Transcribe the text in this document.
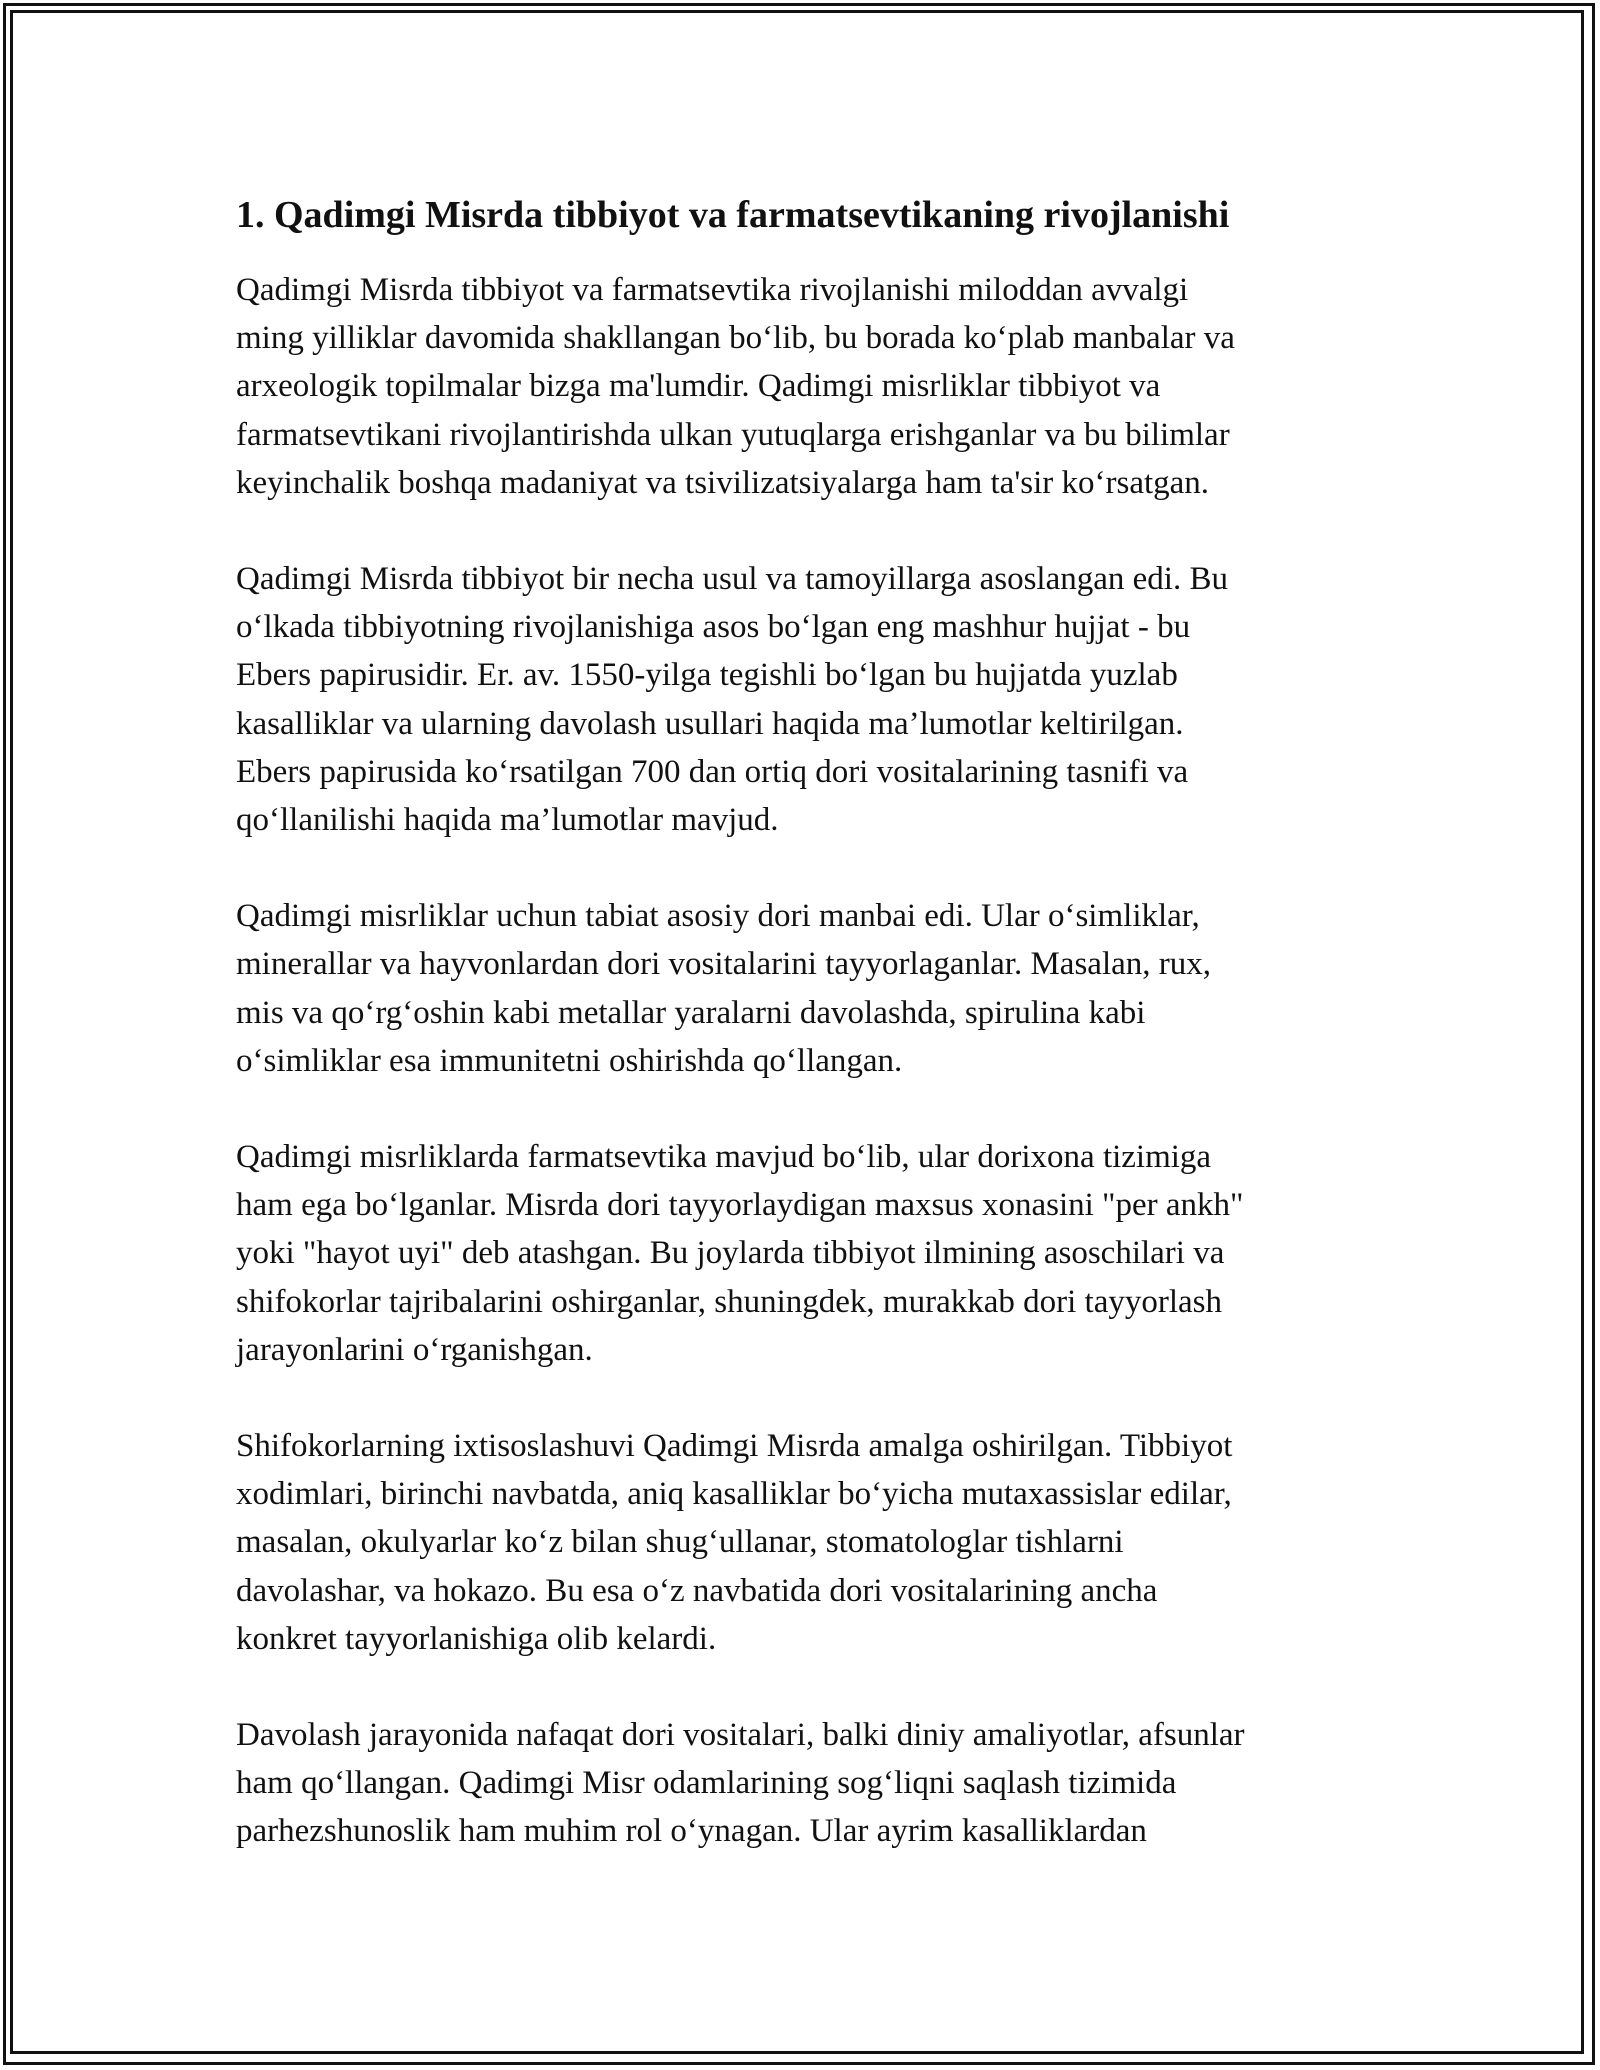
1. Qadimgi Misrda tibbiyot va farmatsevtikaning rivojlanishi

Qadimgi Misrda tibbiyot va farmatsevtika rivojlanishi miloddan avvalgi
ming yilliklar davomida shakllangan bo‘lib, bu borada ko‘plab manbalar va
arxeologik topilmalar bizga ma'lumdir. Qadimgi misrliklar tibbiyot va
farmatsevtikani rivojlantirishda ulkan yutuqlarga erishganlar va bu bilimlar
keyinchalik boshqa madaniyat va tsivilizatsiyalarga ham ta'sir ko‘rsatgan.

Qadimgi Misrda tibbiyot bir necha usul va tamoyillarga asoslangan edi. Bu
o‘lkada tibbiyotning rivojlanishiga asos bo‘lgan eng mashhur hujjat - bu
Ebers papirusidir. Er. av. 1550-yilga tegishli bo‘lgan bu hujjatda yuzlab
kasalliklar va ularning davolash usullari haqida ma’lumotlar keltirilgan.
Ebers papirusida ko‘rsatilgan 700 dan ortiq dori vositalarining tasnifi va
qo‘llanilishi haqida ma’lumotlar mavjud.

Qadimgi misrliklar uchun tabiat asosiy dori manbai edi. Ular o‘simliklar,
minerallar va hayvonlardan dori vositalarini tayyorlaganlar. Masalan, rux,
mis va qo‘rg‘oshin kabi metallar yaralarni davolashda, spirulina kabi
o‘simliklar esa immunitetni oshirishda qo‘llangan.

Qadimgi misrliklarda farmatsevtika mavjud bo‘lib, ular dorixona tizimiga
ham ega bo‘lganlar. Misrda dori tayyorlaydigan maxsus xonasini "per ankh"
yoki "hayot uyi" deb atashgan. Bu joylarda tibbiyot ilmining asoschilari va
shifokorlar tajribalarini oshirganlar, shuningdek, murakkab dori tayyorlash
jarayonlarini o‘rganishgan.

Shifokorlarning ixtisoslashuvi Qadimgi Misrda amalga oshirilgan. Tibbiyot
xodimlari, birinchi navbatda, aniq kasalliklar bo‘yicha mutaxassislar edilar,
masalan, okulyarlar ko‘z bilan shug‘ullanar, stomatologlar tishlarni
davolashar, va hokazo. Bu esa o‘z navbatida dori vositalarining ancha
konkret tayyorlanishiga olib kelardi.

Davolash jarayonida nafaqat dori vositalari, balki diniy amaliyotlar, afsunlar
ham qo‘llangan. Qadimgi Misr odamlarining sog‘liqni saqlash tizimida
parhezshunoslik ham muhim rol o‘ynagan. Ular ayrim kasalliklardan
